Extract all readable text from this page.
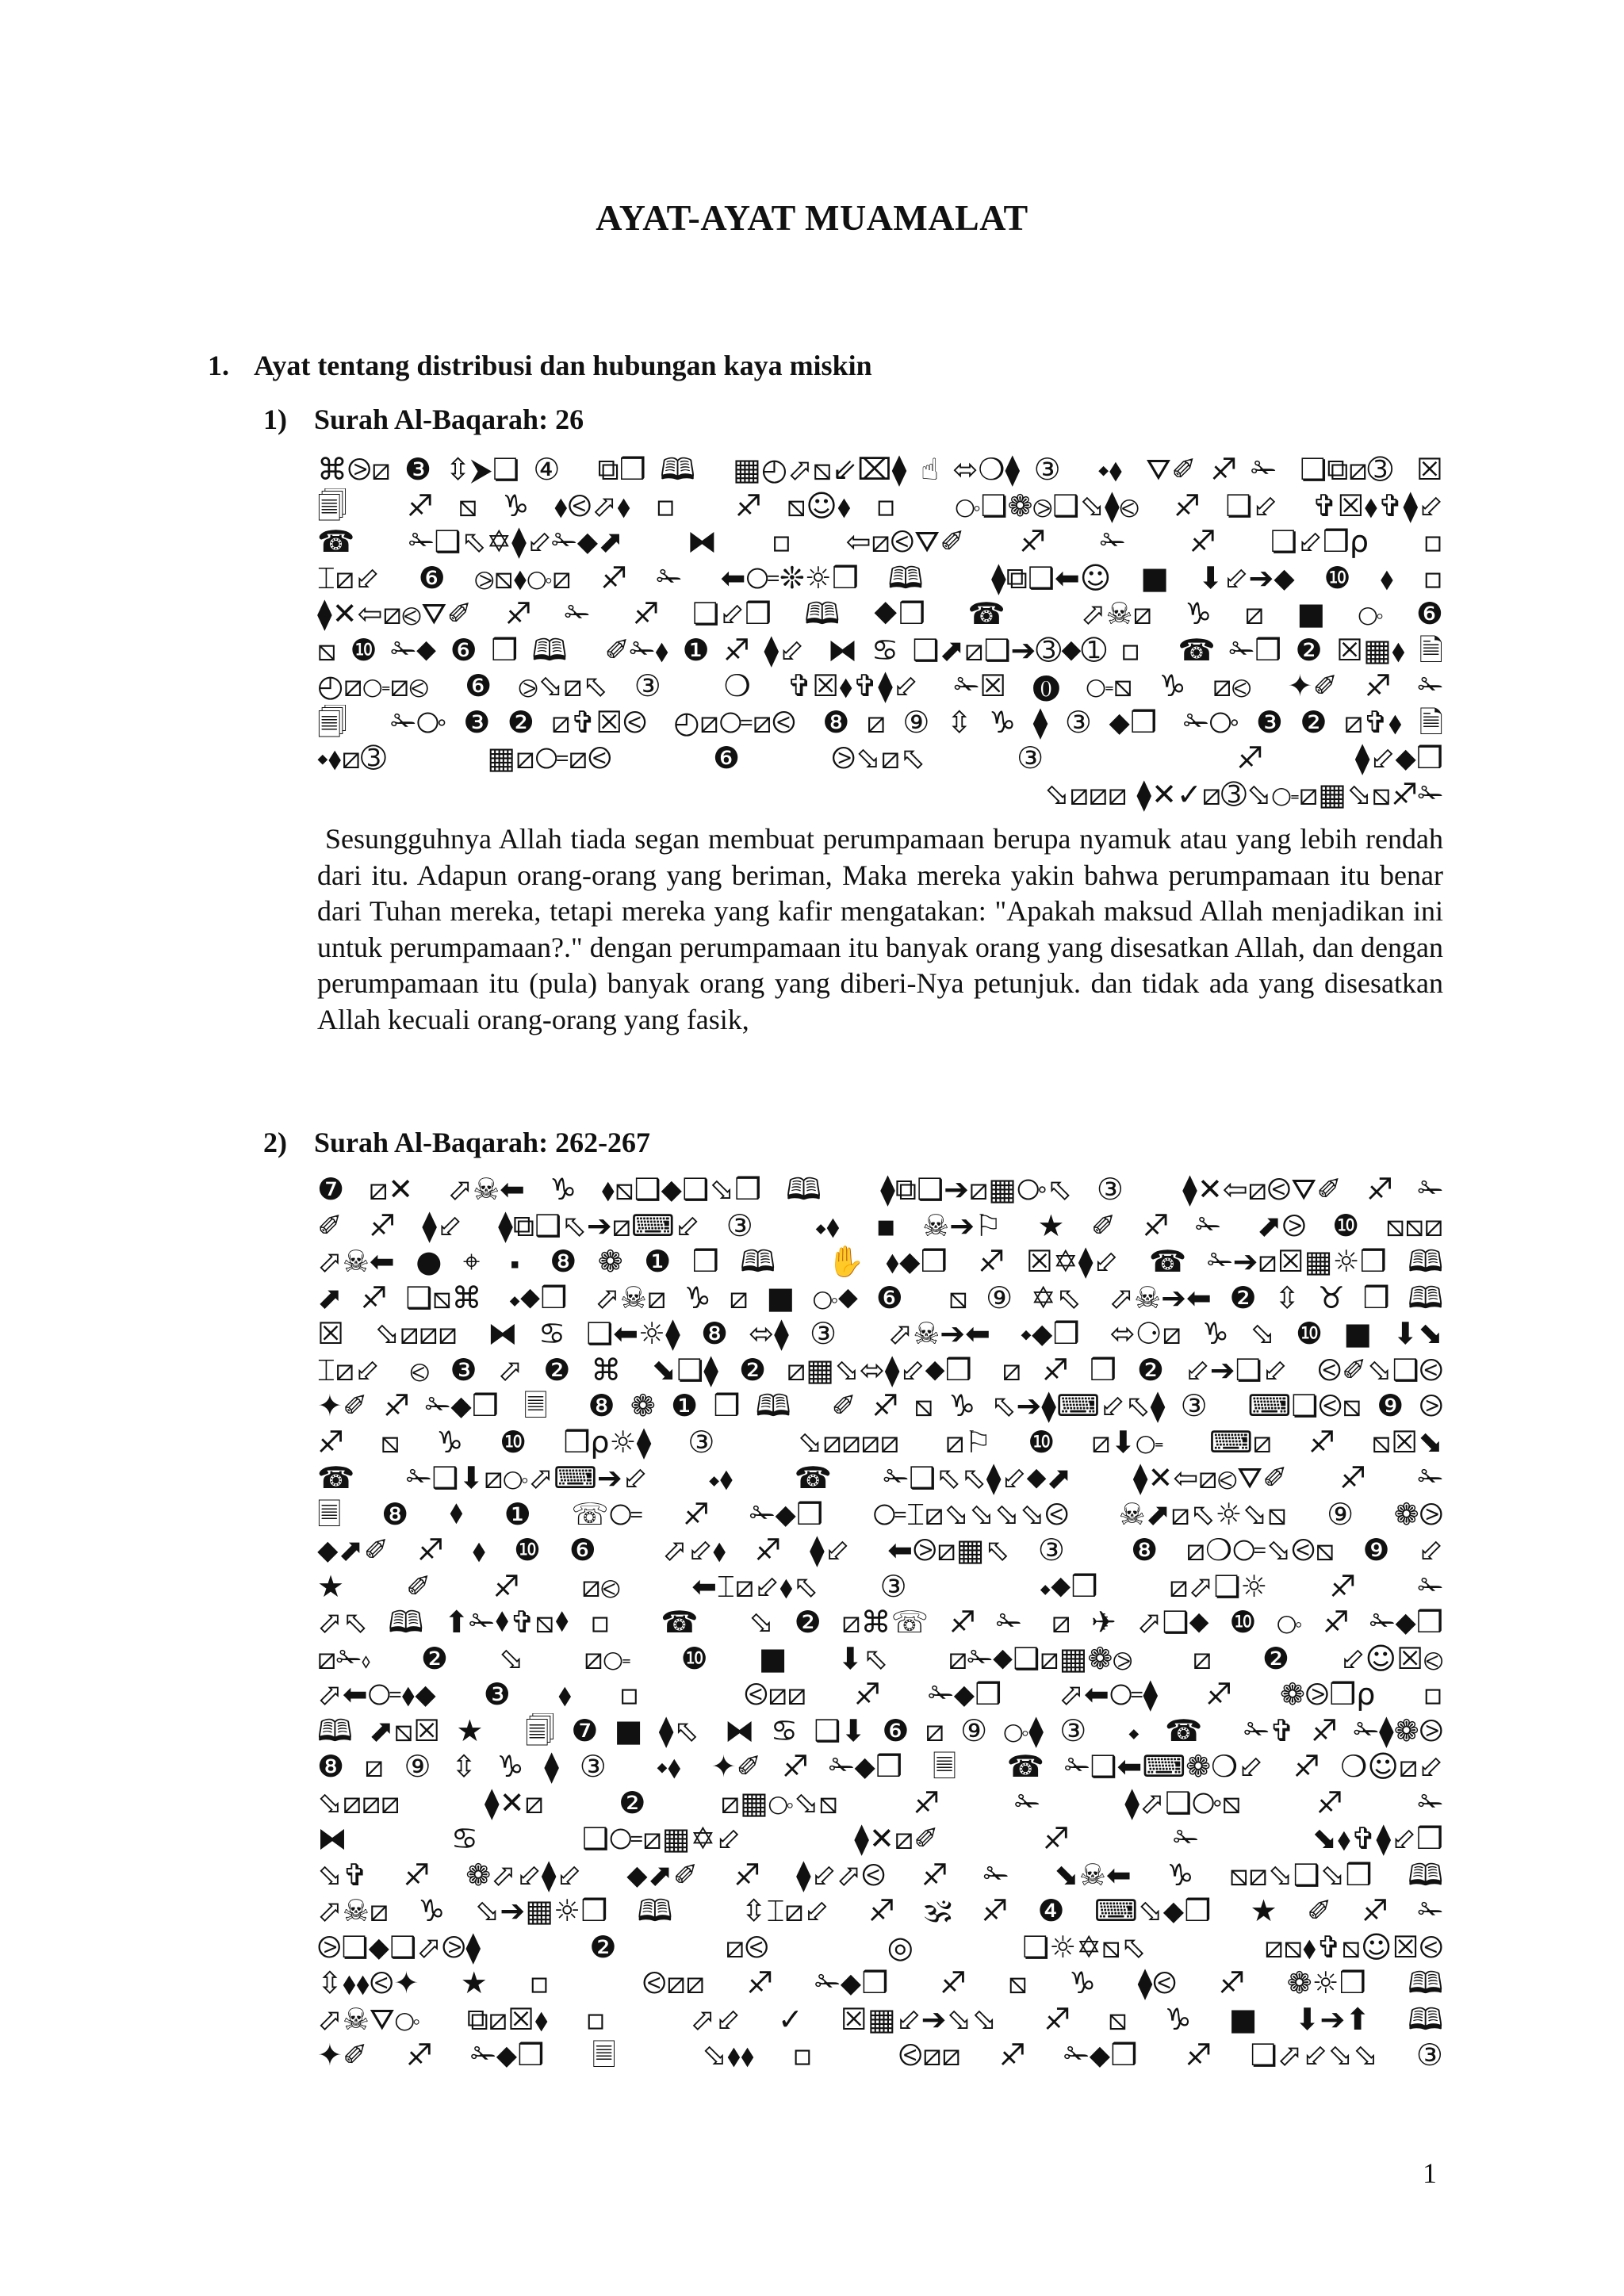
AYAT-AYAT MUAMALAT
1. Ayat tentang distribusi dan hubungan kaya miskin
1) Surah Al-Baqarah: 26
⌘⧁⧄❸⇳⮞❏④ ⧉❒🕮 ▦◴⬀⧅⇙⌧⧫☝⬄❍⧫③ ⬩⬧ ⛛✐♐✁ ❏⧉⧄➂ ☒
🗐 ♐⧅♑⬧⧀⬀⬧▫ ♐⧅☺⬧▫ ⧂❏❁⧁❑⬂⧫⧀ ♐❏⬃ ✞☒⬧✞⧫⬃
☎✁❑⬁✡⧫⬃✁⬥⬈ ⧓▫⇦⧄⧀⛛✐♐✁ ♐❏⬃❒⍴▫
⌶⧄⬃ ❻⧁⧅⬧⧂⧄♐✁ ⬅⧃❊☼❒🕮 ⧫⧉❑⬅☺■⬇⬃➔⬥❿⬧▫
⧫✕⇦⧄⧀⛛✐♐✁ ♐❏⬃❒🕮⬥❒ ☎ ⬀☠⧄♑⧄■⧂❻
⧅❿✁⬥❻❒🕮 ✐✁⬧❶♐⧫⬃ ⧓♋❑⬈⧄❑➔➂⬥➀▫ ☎✁❒❷☒▦⬧🗎
◴⧄⧃⧄⧀ ❻⧁⬂⧄⬁③ ❍ ✞☒⬧✞⧫⬃ ✁☒⓿⧃⧅♑⧄⧀ ✦✐♐✁
🗐 ✁⧂❸❷⧄✞☒⧀ ◴⧄⧃⧄⧀ ❽⧄⑨⇳♑⧫③⬥❒ ✁⧂❸❷⧄✞⬧🗎
⬩⬧⧄➂ ▦⧄⧃⧄⧀ ❻⧁⬂⧄⬁③ ♐⧫⬃⬥❒
⬂⧄⧄⧄ ⧫✕✓⧄➂⬂⧃⧄▦⬂⧅♐✁

Sesungguhnya Allah tiada segan membuat perumpamaan berupa nyamuk atau yang lebih rendah dari itu. Adapun orang-orang yang beriman, Maka mereka yakin bahwa perumpamaan itu benar dari Tuhan mereka, tetapi mereka yang kafir mengatakan: "Apakah maksud Allah menjadikan ini untuk perumpamaan?." dengan perumpamaan itu banyak orang yang disesatkan Allah, dan dengan perumpamaan itu (pula) banyak orang yang diberi-Nya petunjuk. dan tidak ada yang disesatkan Allah kecuali orang-orang yang fasik,

2) Surah Al-Baqarah: 262-267
❼⧄✕ ⬀☠⬅♑⬧⧅❑⬥❑⬂❒🕮 ⧫⧉❑➔⧄▦⧂⬁③ ⧫✕⇦⧄⧀⛛✐♐✁
✐♐⧫⬃ ⧫⧉❑⬁➔⧄⌨⬃③ ⬩⬧ ▪☠➔⚐ ★✐♐✁ ⬈⧁❿⧅⧅⧄
⬀☠⬅●⌖ ⬝ ❽❁❶❒🕮 ✋⬧⬥❒ ♐☒✡⧫⬃ ☎✁➔⧄☒▦☼❒🕮
⬈♐❑⧅⌘ ⬩⬥❒ ⬀☠⧄♑⧄■⧂⬥❻ ⧅⑨✡⬁ ⬀☠➔⬅❷⇳♉❒🕮
☒ ⬂⧄⧄⧄ ⧓♋❑⬅☼⧫❽⬄⧫③ ⬀☠➔⬅ ⬩⬥❒ ⬄⚆⧄♑⬂❿■⬇⬊
⌶⧄⬃ ⧀❸⬀❷⌘ ⬊❏⧫❷⧄▦⬂⬄⧫⬃⬥❒ ⧄♐❒❷⬃➔❏⬃ ⧀✐⬂❑⧀
✦✐♐✁⬥❒ 🗏 ❽❁❶❒🕮 ✐♐⧅♑⬁➔⧫⌨⬃⬁⧫③ ⌨❏⧀⧅❾⧁
♐⧅♑❿❒⍴☼⧫③ ⬂⧄⧄⧄⧄ ⧄⚐❿⧄⬇⧃ ⌨⧄♐⧅☒⬊
☎✁❑⬇⧄⧂⬀⌨➔⬃ ⬩⬧ ☎✁❑⬁⬁⧫⬃⬥⬈ ⧫✕⇦⧄⧀⛛✐♐✁
🗏❽⬧❶☏⧃♐✁⬥❒ ⧃⌶⧄⬂⬂⬂⬂⧀ ☠⬈⧄⬁☼⬂⧅⑨❁⧁
⬥⬈✐♐⬧❿❻ ⬀⬃⬧♐⧫⬃ ⬅⧁⧄▦⬁③ ❽⧄❍⧃⬂⧀⧅❾⬃
★✐♐⧄⧀ ⬅⌶⧄⬃⬧⬁③ ⬩⬥❒ ⧄⬀❏☼♐✁
⬀⬁🕮⬆✁⬧✞⧅⬧▫ ☎ ⬂❷⧄⌘☏♐✁ ⧄✈⬀❑⬥❿⧂♐✁⬥❒
⧄✁⬫❷⬂ ⧄⧃❿■⬇⬁ ⧄✁⬥❑⧄▦❁⧁ ⧄❷⬃☺☒⧀
⬀⬅⧃⬧⬥❸⬧▫ ⧀⧄⧄♐✁⬥❒ ⬀⬅⧃⧫♐❁⧁❒⍴▫
🕮⬈⧅☒★ 🗐❼■⧫⬁ ⧓♋❑⬇❻⧄⑨⧂⧫③ ⬩ ☎ ✁✞♐✁⧫❁⧁
❽⧄⑨⇳♑⧫③ ⬩⬧ ✦✐♐✁⬥❒ 🗏 ☎✁❑⬅⌨❁❍⬃ ♐❍☺⧄⬃
⬂⧄⧄⧄ ⧫✕⧄❷⧄▦⧂⬂⧅♐✁ ⧫⬀❑⧂⧅♐✁
⧓♋❑⧃⧄▦✡⬃ ⧫✕⧄✐♐✁ ⬊⬧✞⧫⬃❒
⬂✞♐❁⬀⬃⧫⬃ ⬥⬈✐♐⧫⬃⬀⧀♐✁ ⬊☠⬅♑⧅⧄⬂❑⬂❒🕮
⬀☠⧄♑⬂➔▦☼❒🕮 ⇳⌶⧄⬃ ♐🕉♐❹⌨⬂⬥❒ ★✐♐✁
⧁❏⬥❑⬀⧁⧫❷⧄⧀ ◎❏☼✡⧅⬁ ⧄⧅⬧✞⧅☺☒⧀
⇳⬧⬧⧀✦★▫ ⧀⧄⧄♐✁⬥❒ ♐⧅♑⧫⧀♐❁☼❒🕮
⬀☠⛛⧂ ⧉⧄☒⬧▫ ⬀⬃✓☒▦⬃➔⬂⬂ ♐⧅♑■⬇➔⬆🕮
✦✐♐✁⬥❒ 🗏 ⬂⬧⬧▫ ⧀⧄⧄♐✁⬥❒ ♐❏⬀⬃⬂⬂③
1
